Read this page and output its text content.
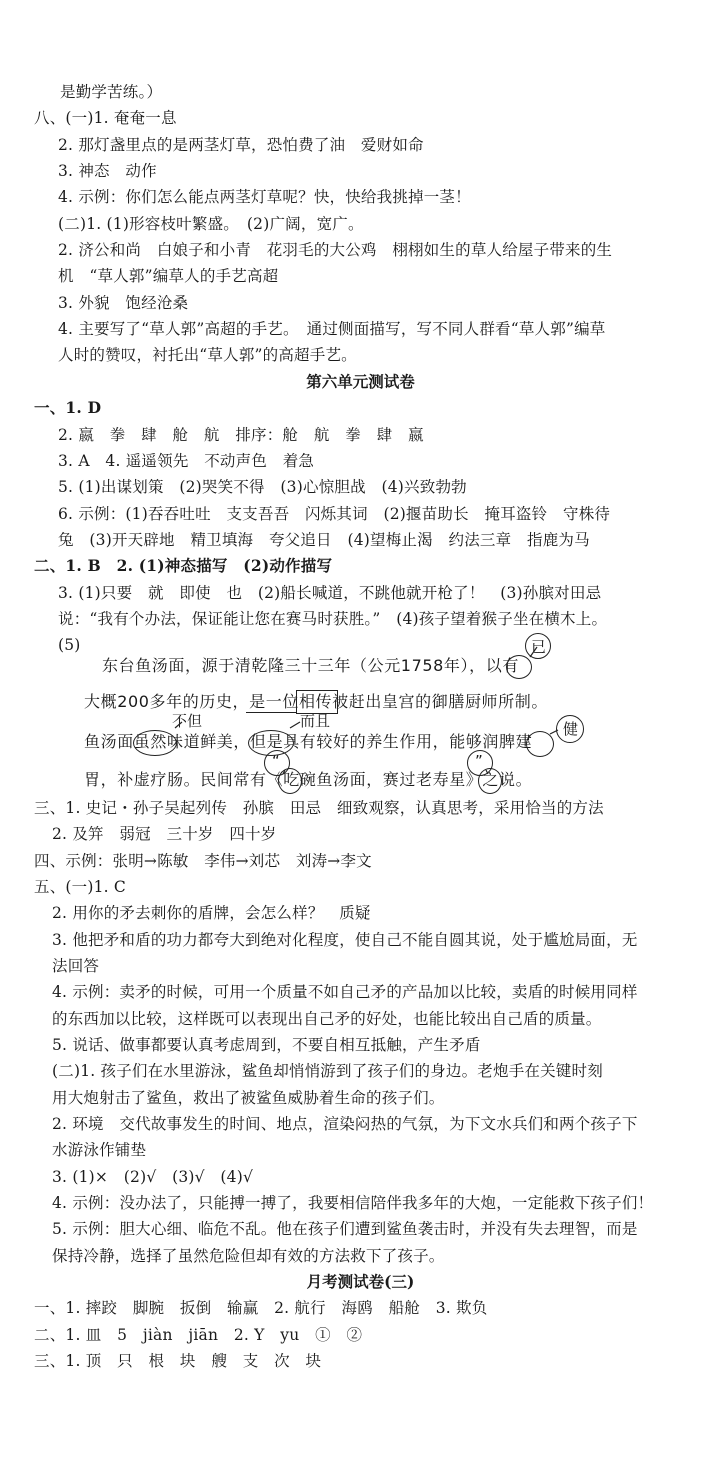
是勤学苦练。）
八、(一)1. 奄奄一息
2. 那灯盏里点的是两茎灯草，恐怕费了油　爱财如命
3. 神态　动作
4. 示例：你们怎么能点两茎灯草呢？快，快给我挑掉一茎！
(二)1. (1)形容枝叶繁盛。　(2)广阔，宽广。
2. 济公和尚　白娘子和小青　花羽毛的大公鸡　栩栩如生的草人给屋子带来的生
机　“草人郭”编草人的手艺高超
3. 外貌　饱经沧桑
4. 主要写了“草人郭”高超的手艺。　通过侧面描写，写不同人群看“草人郭”编草
人时的赞叹，衬托出“草人郭”的高超手艺。
第六单元测试卷
一、1. D
2. 嬴　拳　肆　舱　航　排序：舱　航　拳　肆　嬴
3. A　4. 遥遥领先　不动声色　着急
5. (1)出谋划策　(2)哭笑不得　(3)心惊胆战　(4)兴致勃勃
6. 示例：(1)吞吞吐吐　支支吾吾　闪烁其词　(2)揠苗助长　掩耳盗铃　守株待
兔　(3)开天辟地　精卫填海　夸父追日　(4)望梅止渴　约法三章　指鹿为马
二、1. B　2. (1)神态描写　(2)动作描写
3. (1)只要　就　即使　也　(2)船长喊道，不跳他就开枪了！　(3)孙膑对田忌
说：“我有个办法，保证能让您在赛马时获胜。”　(4)孩子望着猴子坐在横木上。
(5)
东台鱼汤面，源于清乾隆三十三年（公元1758年），以有
大概200多年的历史，是一位相传被赶出皇宫的御膳厨师所制。
鱼汤面虽然味道鲜美，但是具有较好的养生作用，能够润脾建
胃，补虚疗肠。民间常有《吃碗鱼汤面，赛过老寿星》之说。
已
不但	而且	健
“	”
三、1. 史记・孙子吴起列传　孙膑　田忌　细致观察，认真思考，采用恰当的方法
2. 及笄　弱冠　三十岁　四十岁
四、示例：张明→陈敏　李伟→刘芯　刘涛→李文
五、(一)1. C
2. 用你的矛去刺你的盾牌，会怎么样？　质疑
3. 他把矛和盾的功力都夸大到绝对化程度，使自己不能自圆其说，处于尴尬局面，无
法回答
4. 示例：卖矛的时候，可用一个质量不如自己矛的产品加以比较，卖盾的时候用同样
的东西加以比较，这样既可以表现出自己矛的好处，也能比较出自己盾的质量。
5. 说话、做事都要认真考虑周到，不要自相互抵触，产生矛盾
(二)1. 孩子们在水里游泳，鲨鱼却悄悄游到了孩子们的身边。老炮手在关键时刻
用大炮射击了鲨鱼，救出了被鲨鱼威胁着生命的孩子们。
2. 环境　交代故事发生的时间、地点，渲染闷热的气氛，为下文水兵们和两个孩子下
水游泳作铺垫
3. (1)×　(2)√　(3)√　(4)√
4. 示例：没办法了，只能搏一搏了，我要相信陪伴我多年的大炮，一定能救下孩子们！
5. 示例：胆大心细、临危不乱。他在孩子们遭到鲨鱼袭击时，并没有失去理智，而是
保持冷静，选择了虽然危险但却有效的方法救下了孩子。
月考测试卷(三)
一、1. 摔跤　脚腕　扳倒　输赢　2. 航行　海鸥　船舱　3. 欺负
二、1. 皿　5　jiàn　jiān　2. Y　yu　①　②
三、1. 顶　只　根　块　艘　支　次　块
